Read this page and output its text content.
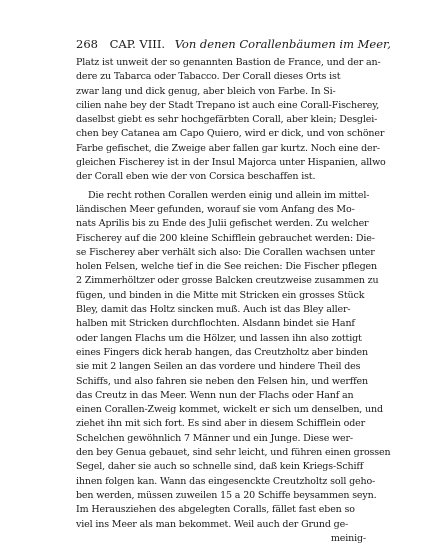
268 CAP. VIII. Von denen Corallenbäumen im Meer,
Platz ist unweit der so genannten Bastion de France, und der an-
dere zu Tabarca oder Tabacco. Der Corall dieses Orts ist
zwar lang und dick genug, aber bleich von Farbe. In Si-
cilien nahe bey der Stadt Trepano ist auch eine Corall-Fischerey,
daselbst giebt es sehr hochgefärbten Corall, aber klein; Desglei-
chen bey Catanea am Capo Quiero, wird er dick, und von schöner
Farbe gefischet, die Zweige aber fallen gar kurtz. Noch eine der-
gleichen Fischerey ist in der Insul Majorca unter Hispanien, allwo
der Corall eben wie der von Corsica beschaffen ist.
Die recht rothen Corallen werden einig und allein im mittel-
ländischen Meer gefunden, worauf sie vom Anfang des Mo-
nats Aprilis bis zu Ende des Julii gefischet werden. Zu welcher
Fischerey auf die 200 kleine Schifflein gebrauchet werden: Die-
se Fischerey aber verhält sich also: Die Corallen wachsen unter
holen Felsen, welche tief in die See reichen: Die Fischer pflegen
2 Zimmerhöltzer oder grosse Balcken creutzweise zusammen zu
fügen, und binden in die Mitte mit Stricken ein grosses Stück
Bley, damit das Holtz sincken muß. Auch ist das Bley aller-
halben mit Stricken durchflochten. Alsdann bindet sie Hanf
oder langen Flachs um die Hölzer, und lassen ihn also zottigt
eines Fingers dick herab hangen, das Creutzholtz aber binden
sie mit 2 langen Seilen an das vordere und hindere Theil des
Schiffs, und also fahren sie neben den Felsen hin, und werffen
das Creutz in das Meer. Wenn nun der Flachs oder Hanf an
einen Corallen-Zweig kommet, wickelt er sich um denselben, und
ziehet ihn mit sich fort. Es sind aber in diesem Schifflein oder
Schelchen gewöhnlich 7 Männer und ein Junge. Diese wer-
den bey Genua gebauet, sind sehr leicht, und führen einen grossen
Segel, daher sie auch so schnelle sind, daß kein Kriegs-Schiff
ihnen folgen kan. Wann das eingesenckte Creutzholtz soll geho-
ben werden, müssen zuweilen 15 a 20 Schiffe beysammen seyn.
Im Herausziehen des abgelegten Coralls, fället fast eben so
viel ins Meer als man bekommet. Weil auch der Grund ge-
meinig-
